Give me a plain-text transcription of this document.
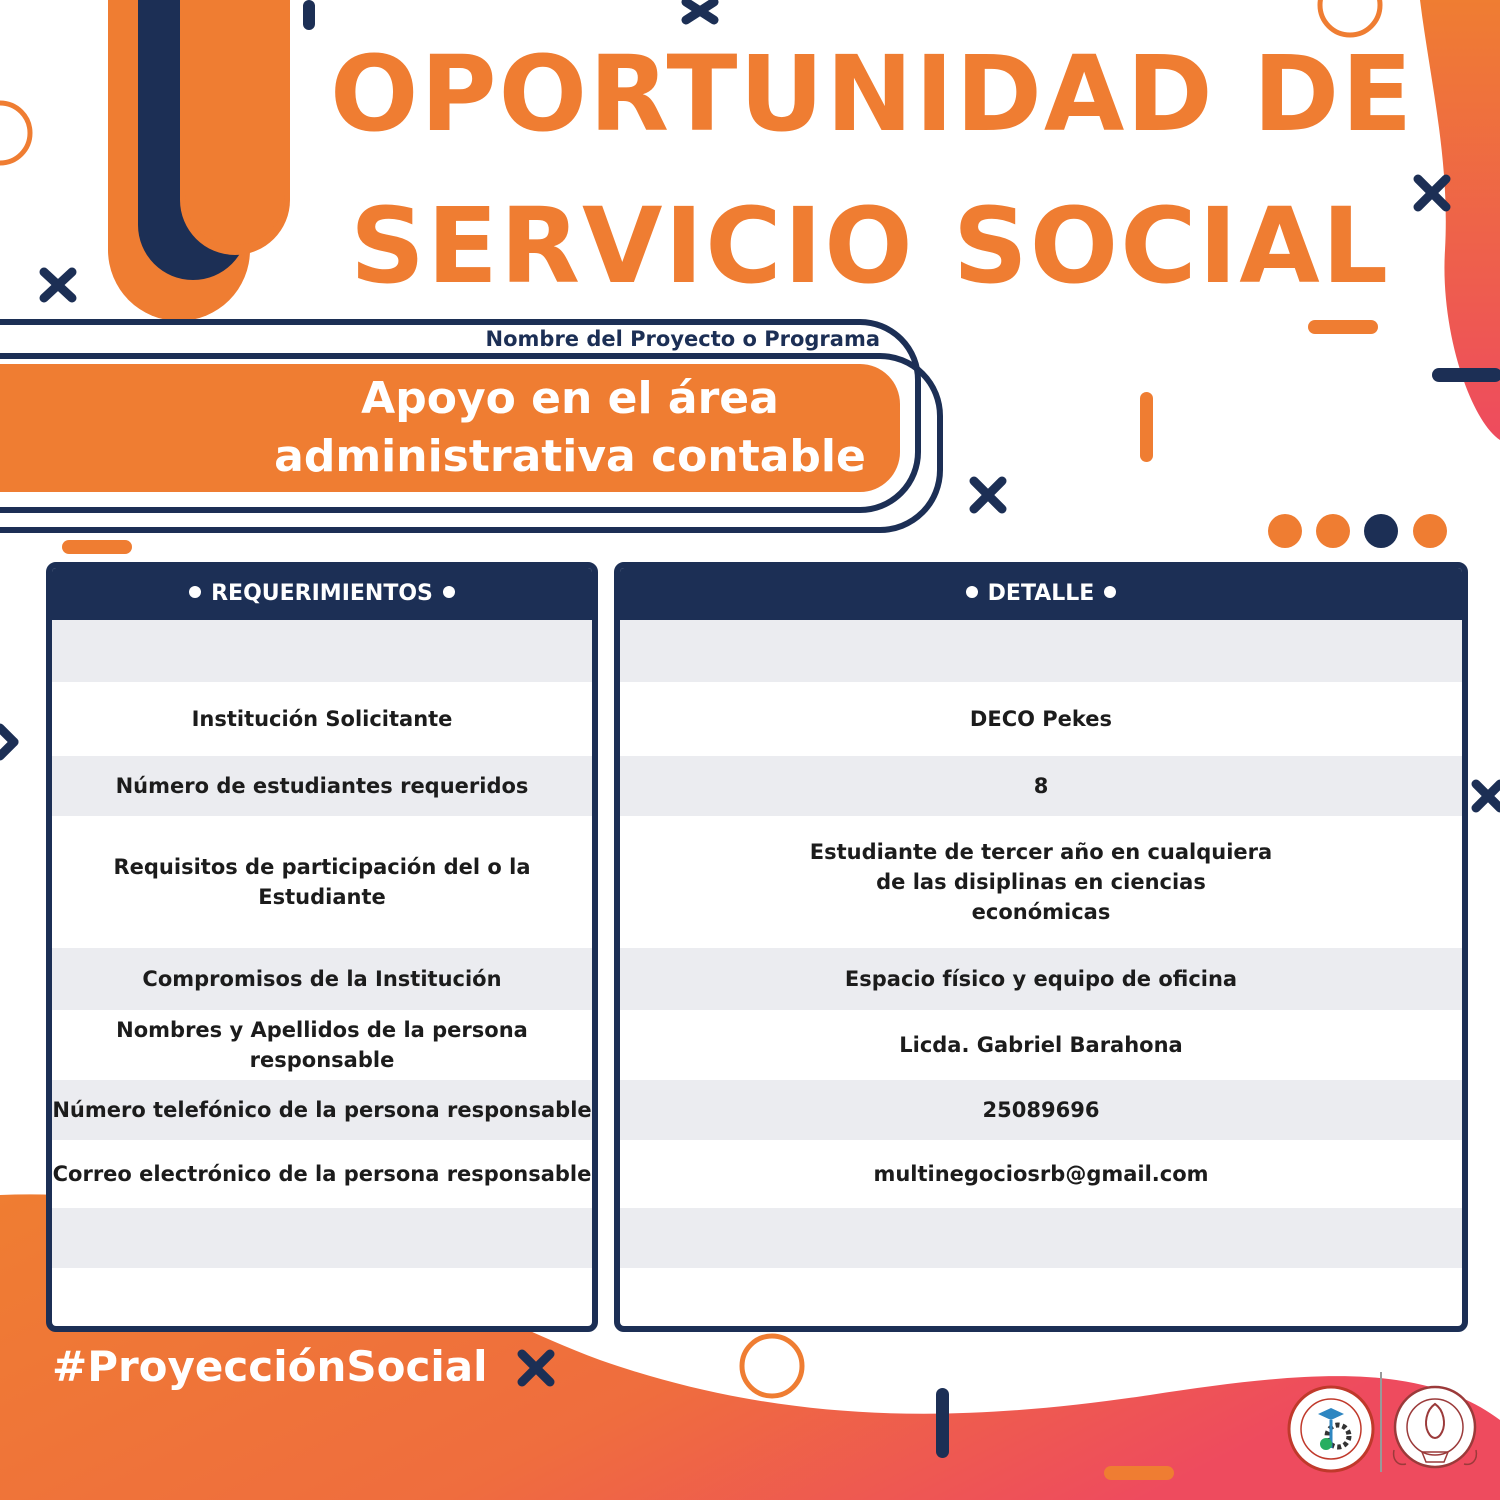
OPORTUNIDAD DE
SERVICIO SOCIAL
Nombre del Proyecto o Programa
Apoyo en el área
administrativa contable
REQUERIMIENTOS
Institución Solicitante
Número de estudiantes requeridos
Requisitos de participación del o la Estudiante
Compromisos de la Institución
Nombres y Apellidos de la persona responsable
Número telefónico de la persona responsable
Correo electrónico de la persona responsable
DETALLE
DECO Pekes
8
Estudiante de tercer año en cualquiera
de las disiplinas en ciencias
económicas
Espacio físico y equipo de oficina
Licda. Gabriel Barahona
25089696
multinegociosrb@gmail.com
#ProyecciónSocial
